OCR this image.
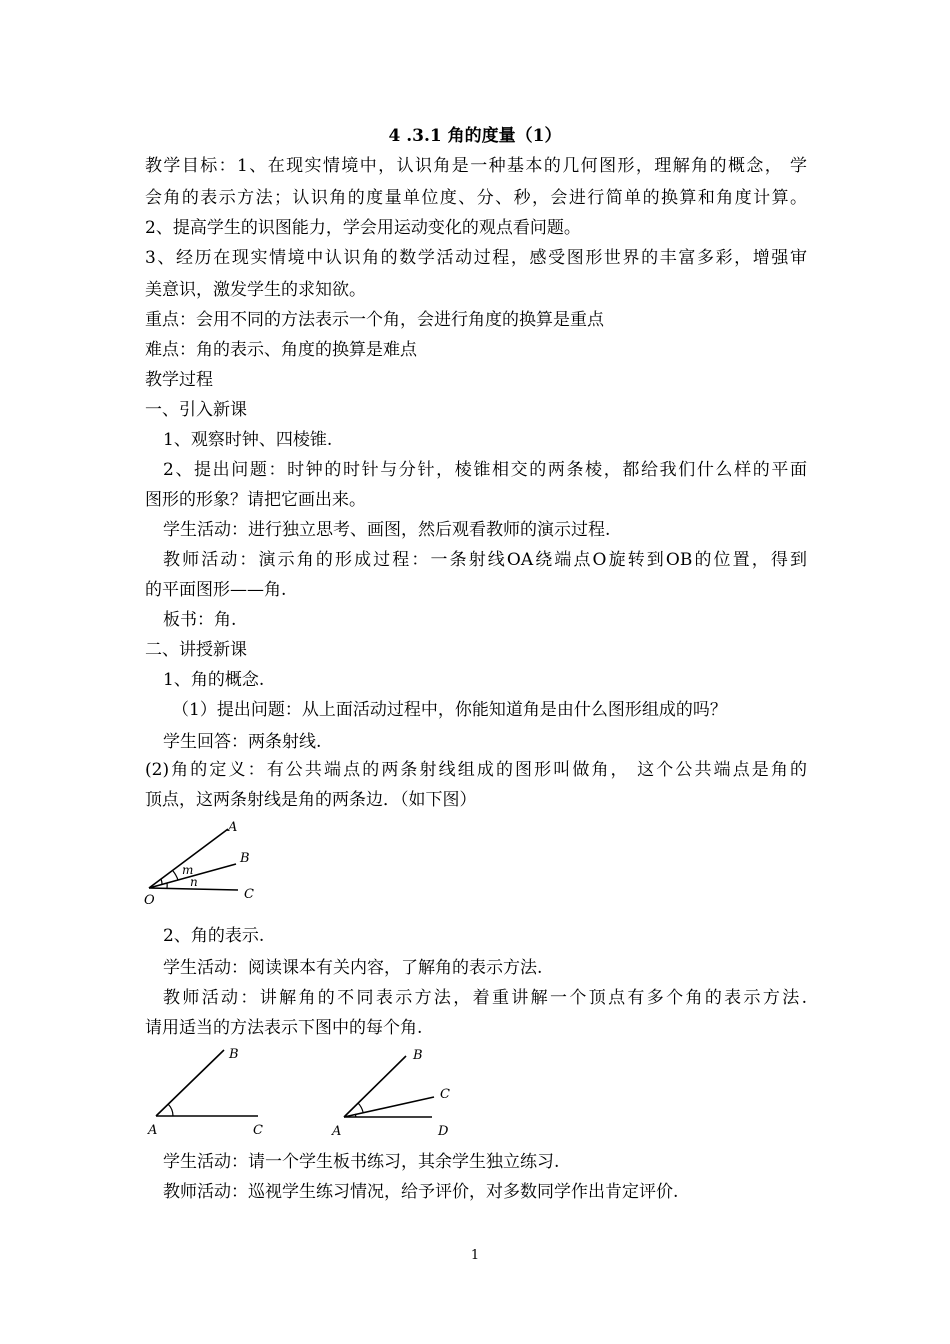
4 .3.1 角的度量（1）
教学目标：1、在现实情境中，认识角是一种基本的几何图形，理解角的概念， 学
会角的表示方法；认识角的度量单位度、分、秒，会进行简单的换算和角度计算。
2、提高学生的识图能力，学会用运动变化的观点看问题。
3、经历在现实情境中认识角的数学活动过程，感受图形世界的丰富多彩，增强审
美意识，激发学生的求知欲。
重点：会用不同的方法表示一个角，会进行角度的换算是重点
难点：角的表示、角度的换算是难点
教学过程
一、引入新课
1、观察时钟、四棱锥.
2、提出问题：时钟的时针与分针，棱锥相交的两条棱，都给我们什么样的平面
图形的形象？请把它画出来。
学生活动：进行独立思考、画图，然后观看教师的演示过程.
教师活动：演示角的形成过程：一条射线OA绕端点O旋转到OB的位置，得到
的平面图形——角.
板书：角.
二、讲授新课
1、角的概念.
（1）提出问题：从上面活动过程中，你能知道角是由什么图形组成的吗？
学生回答：两条射线.
(2)角的定义：有公共端点的两条射线组成的图形叫做角， 这个公共端点是角的
顶点，这两条射线是角的两条边．（如下图）
A
B
C
O
m
n
2、角的表示.
学生活动：阅读课本有关内容，了解角的表示方法.
教师活动：讲解角的不同表示方法，着重讲解一个顶点有多个角的表示方法.
请用适当的方法表示下图中的每个角.
B
A	C
B
C
D
A
学生活动：请一个学生板书练习，其余学生独立练习.
教师活动：巡视学生练习情况，给予评价，对多数同学作出肯定评价.
1
